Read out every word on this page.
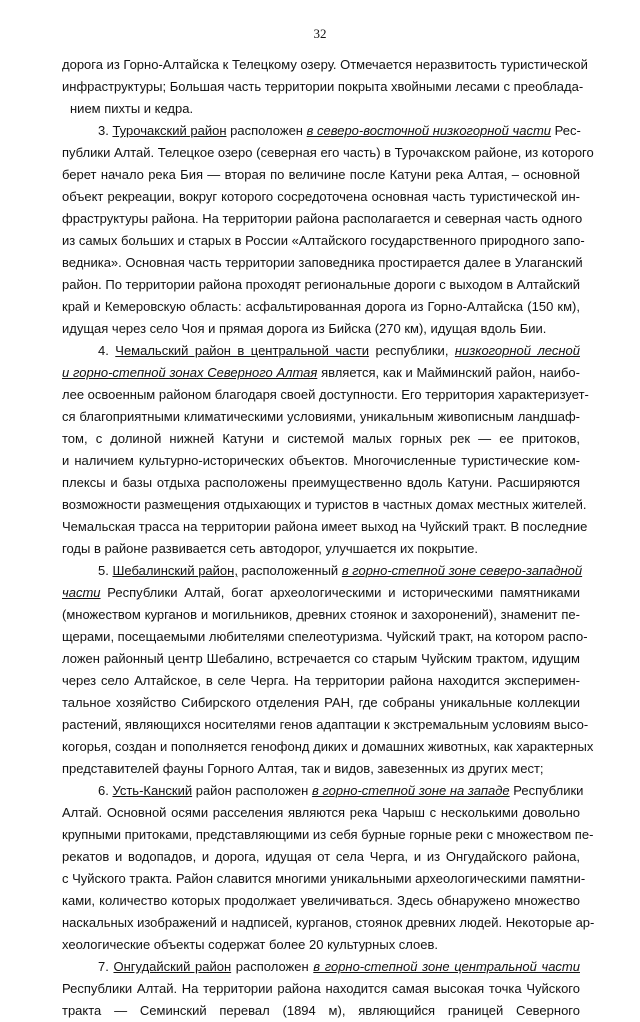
32
дорога из Горно-Алтайска к Телецкому озеру. Отмечается неразвитость туристической
инфраструктуры; Большая часть территории покрыта хвойными лесами с преоблада-
нием пихты и кедра.
3. Турочакский район расположен в северо-восточной низкогорной части Рес-
публики Алтай. Телецкое озеро (северная его часть) в Турочакском районе, из которого
берет начало река Бия — вторая по величине после Катуни река Алтая, – основной
объект рекреации, вокруг которого сосредоточена основная часть туристической ин-
фраструктуры района. На территории района располагается и северная часть одного
из самых больших и старых в России «Алтайского государственного природного запо-
ведника». Основная часть территории заповедника простирается далее в Улаганский
район. По территории района проходят региональные дороги с выходом в Алтайский
край и Кемеровскую область: асфальтированная дорога из Горно-Алтайска (150 км),
идущая через село Чоя и прямая дорога из Бийска (270 км), идущая вдоль Бии.
4. Чемальский район в центральной части республики, низкогорной лесной
и горно-степной зонах Северного Алтая является, как и Майминский район, наибо-
лее освоенным районом благодаря своей доступности. Его территория характеризует-
ся благоприятными климатическими условиями, уникальным живописным ландшаф-
том, с долиной нижней Катуни и системой малых горных рек — ее притоков,
и наличием культурно-исторических объектов. Многочисленные туристические ком-
плексы и базы отдыха расположены преимущественно вдоль Катуни. Расширяются
возможности размещения отдыхающих и туристов в частных домах местных жителей.
Чемальская трасса на территории района имеет выход на Чуйский тракт. В последние
годы в районе развивается сеть автодорог, улучшается их покрытие.
5. Шебалинский район, расположенный в горно-степной зоне северо-западной
части Республики Алтай, богат археологическими и историческими памятниками
(множеством курганов и могильников, древних стоянок и захоронений), знаменит пе-
щерами, посещаемыми любителями спелеотуризма. Чуйский тракт, на котором распо-
ложен районный центр Шебалино, встречается со старым Чуйским трактом, идущим
через село Алтайское, в селе Черга. На территории района находится эксперимен-
тальное хозяйство Сибирского отделения РАН, где собраны уникальные коллекции
растений, являющихся носителями генов адаптации к экстремальным условиям высо-
когорья, создан и пополняется генофонд диких и домашних животных, как характерных
представителей фауны Горного Алтая, так и видов, завезенных из других мест;
6. Усть-Канский район расположен в горно-степной зоне на западе Республики
Алтай. Основной осями расселения являются река Чарыш с несколькими довольно
крупными притоками, представляющими из себя бурные горные реки с множеством пе-
рекатов и водопадов, и дорога, идущая от села Черга, и из Онгудайского района,
с Чуйского тракта. Район славится многими уникальными археологическими памятни-
ками, количество которых продолжает увеличиваться. Здесь обнаружено множество
наскальных изображений и надписей, курганов, стоянок древних людей. Некоторые ар-
хеологические объекты содержат более 20 культурных слоев.
7. Онгудайский район расположен в горно-степной зоне центральной части
Республики Алтай. На территории района находится самая высокая точка Чуйского
тракта — Семинский перевал (1894 м), являющийся границей Северного
